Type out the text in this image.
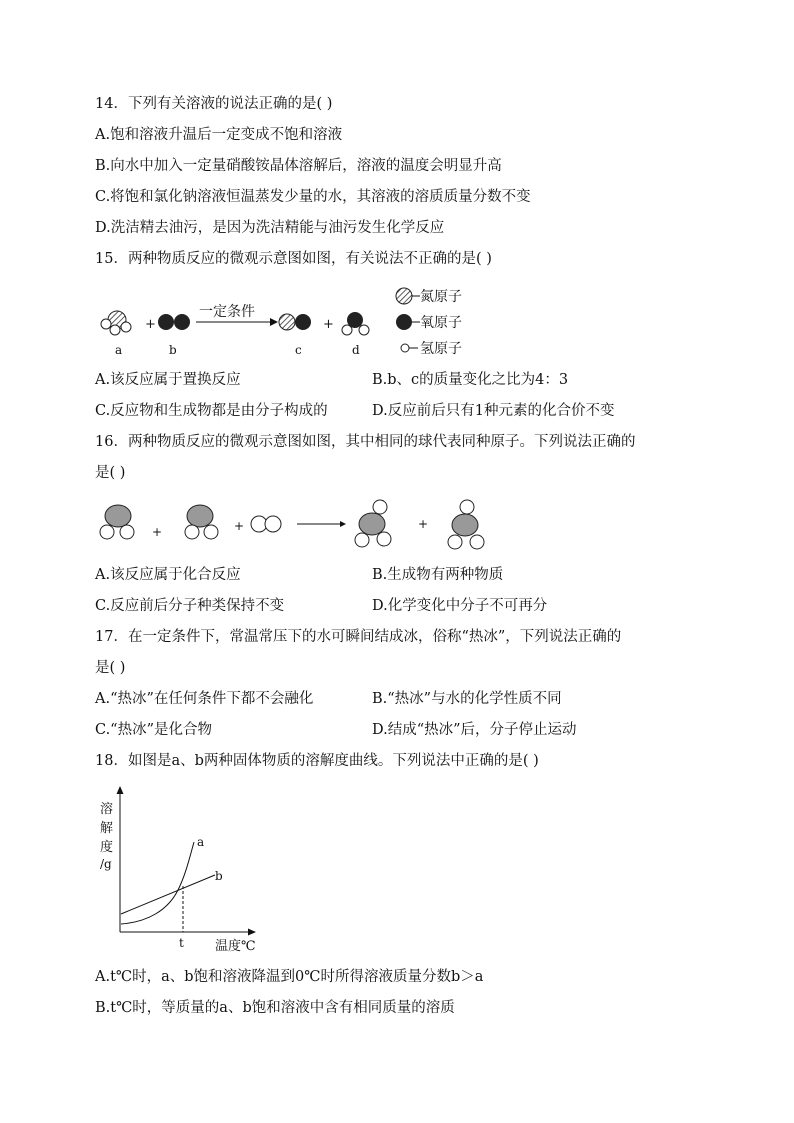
14．下列有关溶液的说法正确的是( )
A.饱和溶液升温后一定变成不饱和溶液
B.向水中加入一定量硝酸铵晶体溶解后，溶液的温度会明显升高
C.将饱和氯化钠溶液恒温蒸发少量的水，其溶液的溶质质量分数不变
D.洗洁精去油污，是因为洗洁精能与油污发生化学反应
15．两种物质反应的微观示意图如图，有关说法不正确的是( )
+
一定条件
+
a	b	c	d
氮原子
氧原子
氢原子
A.该反应属于置换反应	B.b、c的质量变化之比为4：3
C.反应物和生成物都是由分子构成的	D.反应前后只有1种元素的化合价不变
16．两种物质反应的微观示意图如图，其中相同的球代表同种原子。下列说法正确的
是( )
+	+	+
A.该反应属于化合反应	B.生成物有两种物质
C.反应前后分子种类保持不变	D.化学变化中分子不可再分
17．在一定条件下，常温常压下的水可瞬间结成冰，俗称“热冰”，下列说法正确的
是( )
A.“热冰”在任何条件下都不会融化	B.“热冰”与水的化学性质不同
C.“热冰”是化合物	D.结成“热冰”后，分子停止运动
18．如图是a、b两种固体物质的溶解度曲线。下列说法中正确的是( )
溶
解
度
/g
a
b
t 温度℃
A.t℃时，a、b饱和溶液降温到0℃时所得溶液质量分数b＞a
B.t℃时，等质量的a、b饱和溶液中含有相同质量的溶质
